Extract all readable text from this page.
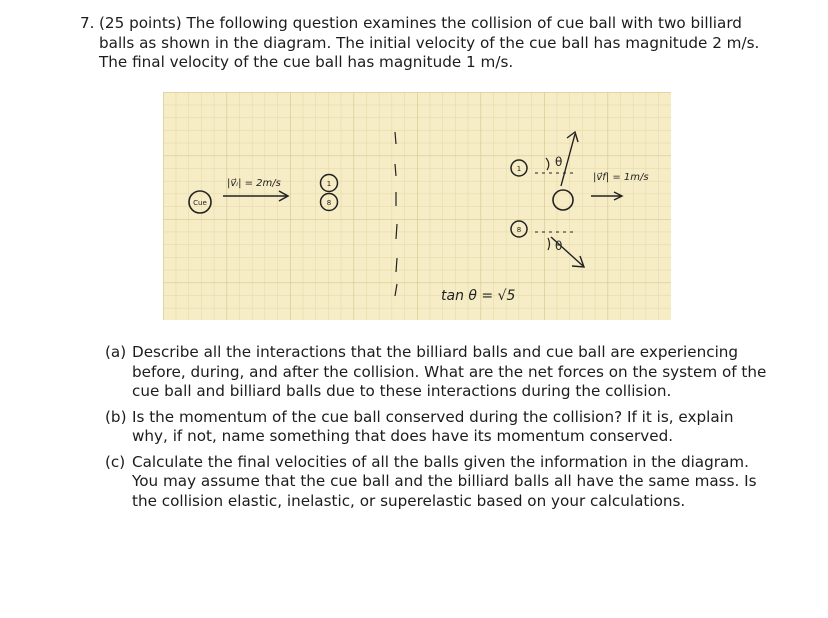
7. (25 points) The following question examines the collision of cue ball with two billiard balls as shown in the diagram. The initial velocity of the cue ball has magnitude 2 m/s. The final velocity of the cue ball has magnitude 1 m/s.
Cue
|v⃗ᵢ| = 2m/s	1
8
1	θ
|v⃗f| = 1m/s
8
θ
tan θ = √5
(a) Describe all the interactions that the billiard balls and cue ball are experiencing before, during, and after the collision. What are the net forces on the system of the cue ball and billiard balls due to these interactions during the collision.
(b) Is the momentum of the cue ball conserved during the collision? If it is, explain why, if not, name something that does have its momentum conserved.
(c) Calculate the final velocities of all the balls given the information in the diagram. You may assume that the cue ball and the billiard balls all have the same mass. Is the collision elastic, inelastic, or superelastic based on your calculations.
